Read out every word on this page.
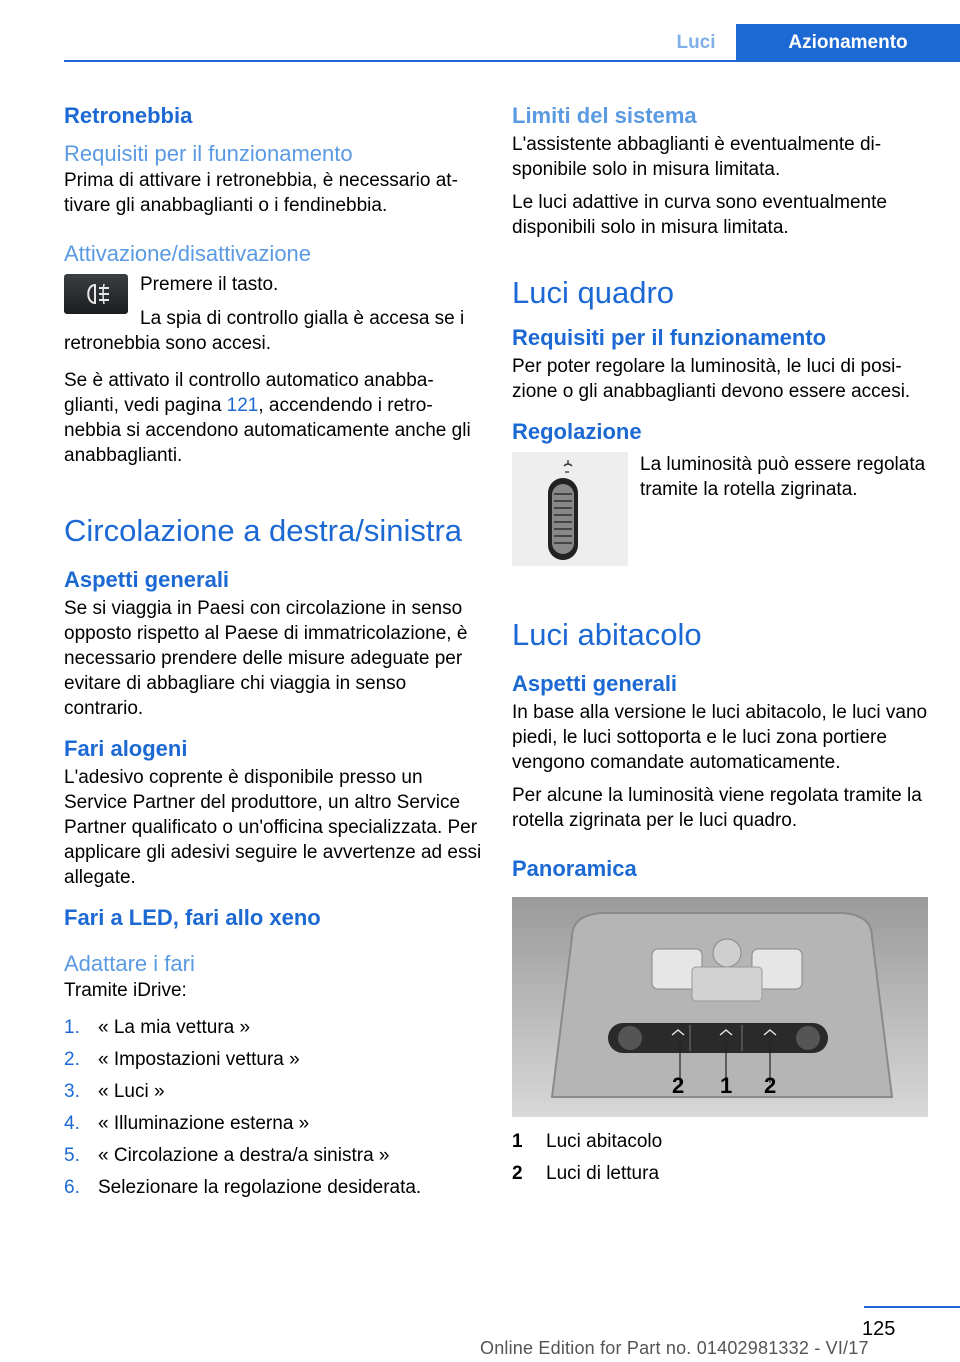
Luci	Azionamento
Retronebbia
Requisiti per il funzionamento

Prima di attivare i retronebbia, è necessario attivare gli anabbaglianti o i fendinebbia.

Attivazione/disattivazione

Premere il tasto.

La spia di controllo gialla è accesa se i retronebbia sono accesi.

Se è attivato il controllo automatico anabbaglianti, vedi pagina 121, accendendo i retronebbia si accendono automaticamente anche gli anabbaglianti.

Circolazione a destra/sinistra
Aspetti generali

Se si viaggia in Paesi con circolazione in senso opposto rispetto al Paese di immatricolazione, è necessario prendere delle misure adeguate per evitare di abbagliare chi viaggia in senso contrario.

Fari alogeni

L'adesivo coprente è disponibile presso un Service Partner del produttore, un altro Service Partner qualificato o un'officina specializzata. Per applicare gli adesivi seguire le avvertenze ad essi allegate.

Fari a LED, fari allo xeno
Adattare i fari

Tramite iDrive:

1. « La mia vettura »
2. « Impostazioni vettura »
3. « Luci »
4. « Illuminazione esterna »
5. « Circolazione a destra/a sinistra »
6. Selezionare la regolazione desiderata.
Limiti del sistema

L'assistente abbaglianti è eventualmente disponibile solo in misura limitata.

Le luci adattive in curva sono eventualmente disponibili solo in misura limitata.

Luci quadro
Requisiti per il funzionamento

Per poter regolare la luminosità, le luci di posizione o gli anabbaglianti devono essere accesi.

Regolazione

La luminosità può essere regolata tramite la rotella zigrinata.

Luci abitacolo
Aspetti generali

In base alla versione le luci abitacolo, le luci vano piedi, le luci sottoporta e le luci zona portiere vengono comandate automaticamente.

Per alcune la luminosità viene regolata tramite la rotella zigrinata per le luci quadro.

Panoramica
2 1 2
1	Luci abitacolo
2	Luci di lettura
125
Online Edition for Part no. 01402981332 - VI/17
